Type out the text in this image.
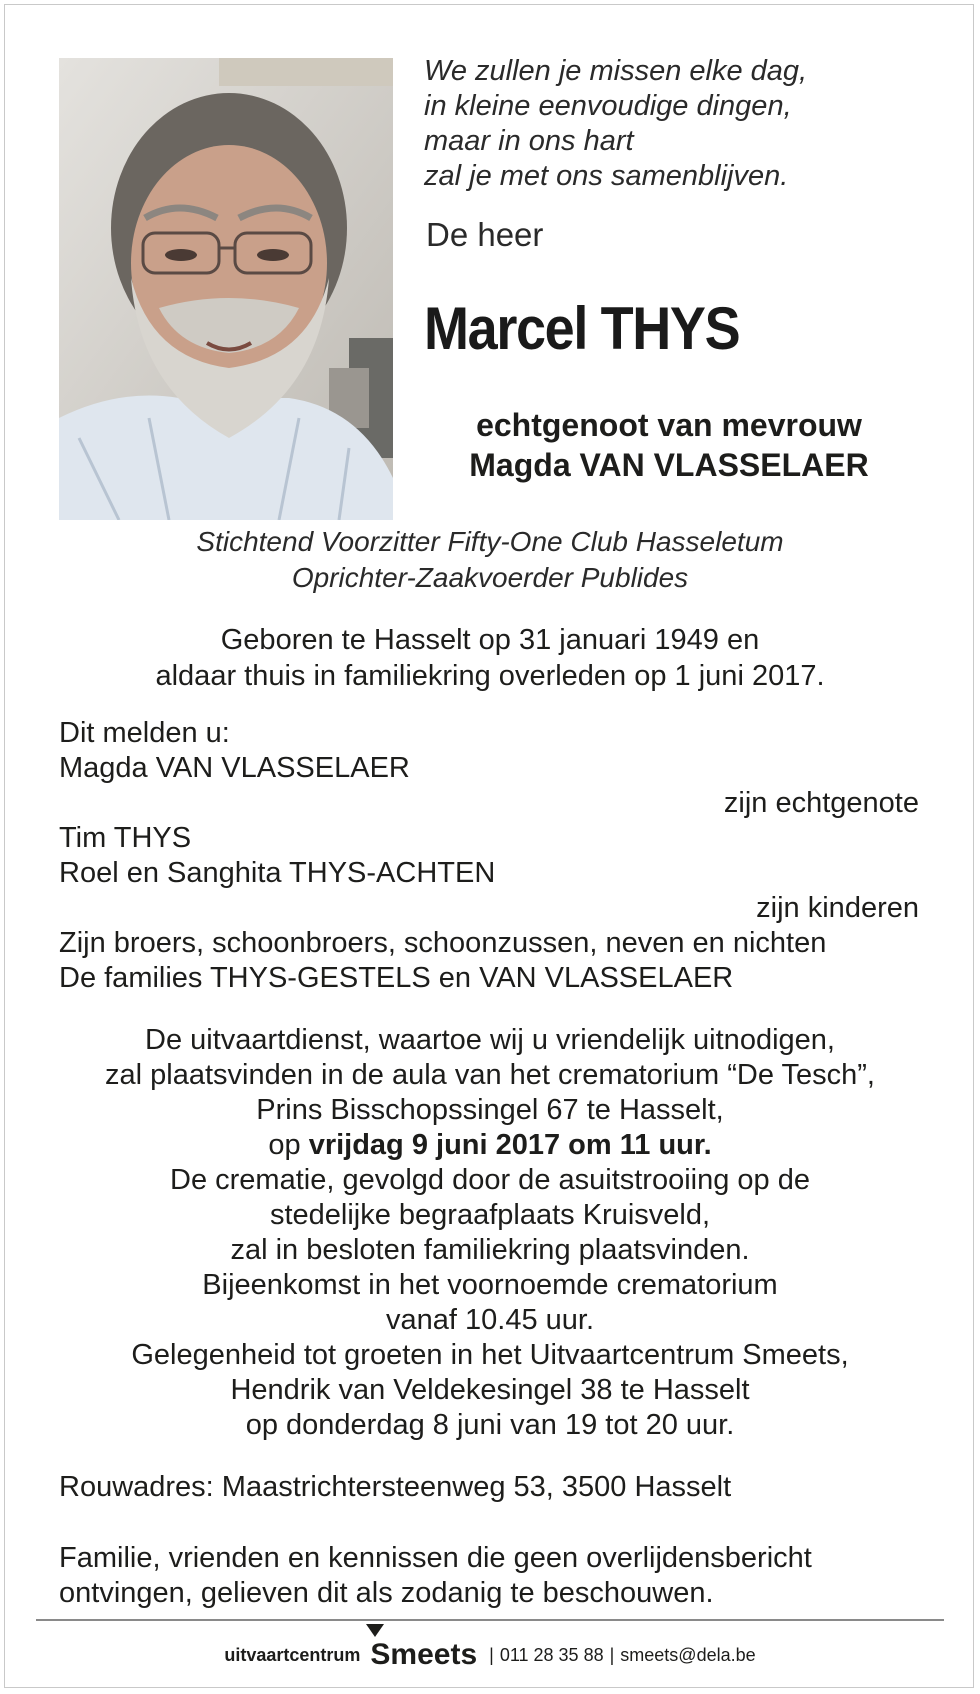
We zullen je missen elke dag,
in kleine eenvoudige dingen,
maar in ons hart
zal je met ons samenblijven.
De heer
Marcel THYS
echtgenoot van mevrouw
Magda VAN VLASSELAER
Stichtend Voorzitter Fifty-One Club Hasseletum
Oprichter-Zaakvoerder Publides
Geboren te Hasselt op 31 januari 1949 en
aldaar thuis in familiekring overleden op 1 juni 2017.
Dit melden u:
Magda VAN VLASSELAER
zijn echtgenote
Tim THYS
Roel en Sanghita THYS-ACHTEN
zijn kinderen
Zijn broers, schoonbroers, schoonzussen, neven en nichten
De families THYS-GESTELS en VAN VLASSELAER
De uitvaartdienst, waartoe wij u vriendelijk uitnodigen,
zal plaatsvinden in de aula van het crematorium “De Tesch”,
Prins Bisschopssingel 67 te Hasselt,
op vrijdag 9 juni 2017 om 11 uur.
De crematie, gevolgd door de asuitstrooiing op de
stedelijke begraafplaats Kruisveld,
zal in besloten familiekring plaatsvinden.
Bijeenkomst in het voornoemde crematorium
vanaf 10.45 uur.
Gelegenheid tot groeten in het Uitvaartcentrum Smeets,
Hendrik van Veldekesingel 38 te Hasselt
op donderdag 8 juni van 19 tot 20 uur.
Rouwadres: Maastrichtersteenweg 53, 3500 Hasselt
Familie, vrienden en kennissen die geen overlijdensbericht
ontvingen, gelieven dit als zodanig te beschouwen.
uitvaartcentrum Smeets | 011 28 35 88 | smeets@dela.be
